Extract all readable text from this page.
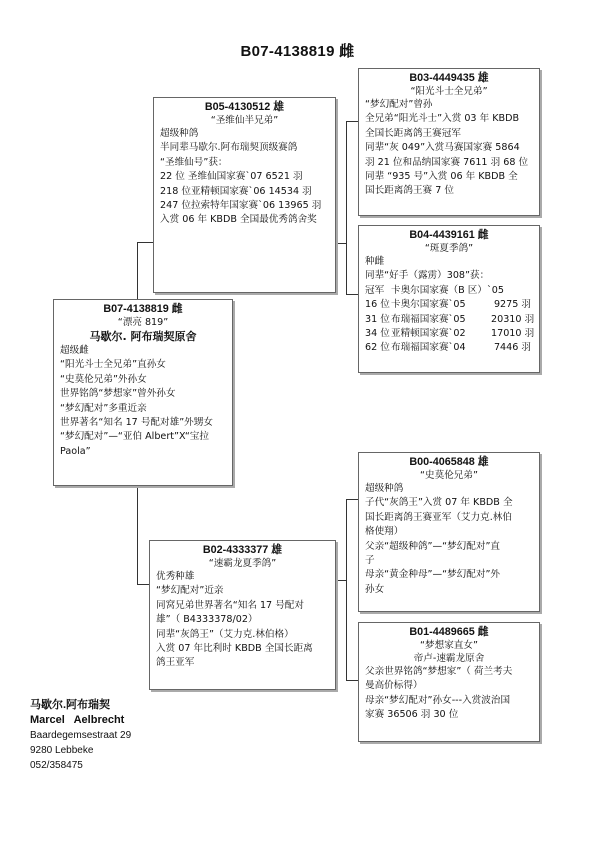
B07-4138819 雌
B05-4130512 雄
“圣维仙半兄弟”
超级种鸽
半同辈马歇尔.阿布瑞契顶级赛鸽
“圣维仙号”获：
22 位 圣维仙国家赛`07 6521 羽
218 位亚精顿国家赛`06 14534 羽
247 位拉索特年国家赛`06 13965 羽
入赏 06 年 KBDB 全国最优秀鸽舍奖
B03-4449435 雄
“阳光斗士全兄弟”
“梦幻配对”曾孙
全兄弟“阳光斗士”入赏 03 年 KBDB
全国长距离鸽王赛冠军
同辈“灰 049”入赏马赛国家赛 5864
羽 21 位和品纳国家赛 7611 羽 68 位
同辈 “935 号”入赏 06 年 KBDB 全
国长距离鸽王赛 7 位
B04-4439161 雌
“斑夏季鸽”
种雌
同辈“好手（露雳）308”获：
冠军 卡奥尔国家赛（B 区）`05
16 位卡奥尔国家赛`05	9275 羽
31 位布瑞福国家赛`05	20310 羽
34 位亚精顿国家赛`02	17010 羽
62 位布瑞福国家赛`04	7446 羽
B07-4138819 雌
“漂亮 819”
马歇尔. 阿布瑞契原舍
超级雌
“阳光斗士全兄弟”直孙女
“史莫伦兄弟”外孙女
世界铭鸽“梦想家”曾外孙女
“梦幻配对”多重近亲
世界著名“知名 17 号配对雄”外甥女
“梦幻配对”—“亚伯 Albert”X“宝拉 Paola”
B02-4333377 雄
“速霸龙夏季鸽”
优秀种雄
“梦幻配对”近亲
同窝兄弟世界著名“知名 17 号配对
雄”（ B4333378/02）
同辈“灰鸽王”（艾力克.林伯格）
入赏 07 年比利时 KBDB 全国长距离
鸽王亚军
B00-4065848 雄
“史莫伦兄弟”
超级种鸽
子代“灰鸽王”入赏 07 年 KBDB 全
国长距离鸽王赛亚军（艾力克.林伯
格使翔）
父亲“超级种鸽”—“梦幻配对”直
子
母亲“黄金种母”—“梦幻配对”外
孙女
B01-4489665 雌
“梦想家直女”
帝卢-速霸龙原舍
父亲世界铭鸽“梦想家”（ 荷兰考夫
曼高价标得）
母亲“梦幻配对”孙女---入赏波治国
家赛 36506 羽 30 位
马歇尔.阿布瑞契
Marcel   Aelbrecht
Baardegemsestraat 29
9280 Lebbeke
052/358475
